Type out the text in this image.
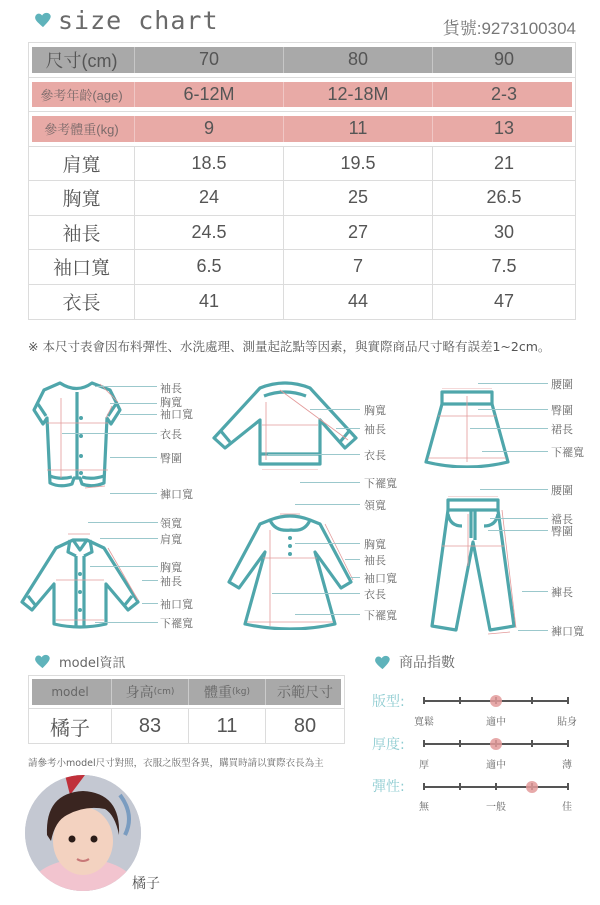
size chart	貨號:9273100304
尺寸(cm)	70	80	90
參考年齡(age)	6-12M	12-18M	2-3
參考體重(kg)	9	11	13
肩寬	18.5	19.5	21
胸寬	24	25	26.5
袖長	24.5	27	30
袖口寬	6.5	7	7.5
衣長	41	44	47
※ 本尺寸表會因布料彈性、水洗處理、測量起訖點等因素，與實際商品尺寸略有誤差1~2cm。
袖長
胸寬
袖口寬
衣長
臀圍
褲口寬
胸寬
袖長
衣長
下襬寬
腰圍
臀圍
裙長
下襬寬
領寬
肩寬
胸寬
袖長
袖口寬
下襬寬
領寬
胸寬
袖長
袖口寬
衣長
下襬寬
腰圍
襠長
臀圍
褲長
褲口寬
model資訊
model	身高 (cm) 體重 (kg) 示範尺寸
橘子	83	11	80
請參考小model尺寸對照，衣服之版型各異，購買時請以實際衣長為主
橘子
商品指數
版型:
寬鬆	適中	貼身
厚度:
厚	適中	薄
彈性:
無	一般	佳
